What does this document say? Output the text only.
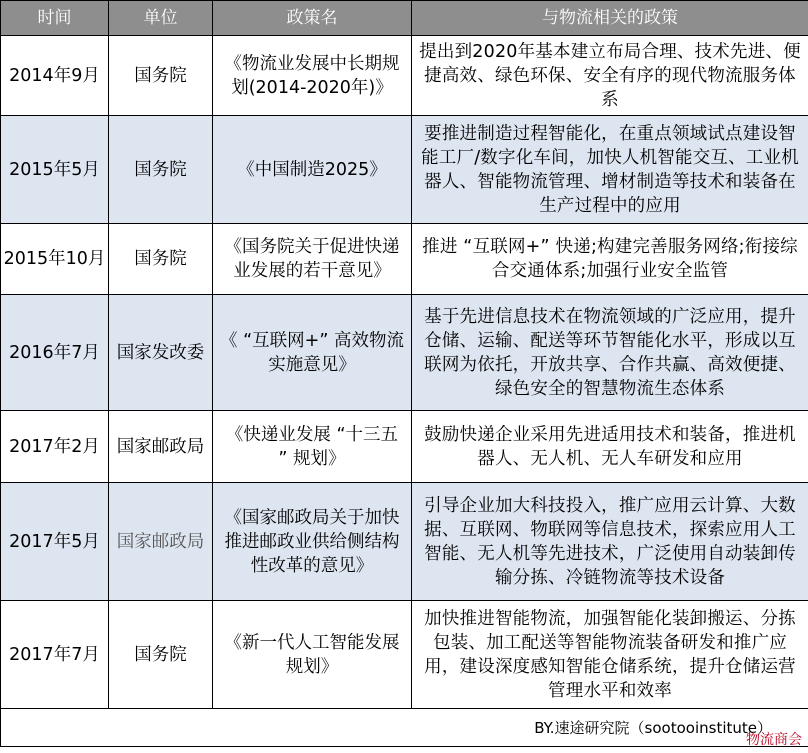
时间	单位	政策名	与物流相关的政策
2014年9月	国务院	《物流业发展中长期规划(2014-2020年)》	提出到2020年基本建立布局合理、技术先进、便捷高效、绿色环保、安全有序的现代物流服务体系
2015年5月	国务院	《中国制造2025》	要推进制造过程智能化，在重点领域试点建设智能工厂/数字化车间，加快人机智能交互、工业机器人、智能物流管理、增材制造等技术和装备在生产过程中的应用
2015年10月	国务院	《国务院关于促进快递业发展的若干意见》	推进 “互联网+” 快递;构建完善服务网络;衔接综合交通体系;加强行业安全监管
2016年7月	国家发改委	《 “互联网+” 高效物流实施意见》	基于先进信息技术在物流领域的广泛应用，提升仓储、运输、配送等环节智能化水平，形成以互联网为依托，开放共享、合作共赢、高效便捷、绿色安全的智慧物流生态体系
2017年2月	国家邮政局	《快递业发展 “十三五 ” 规划》	鼓励快递企业采用先进适用技术和装备，推进机器人、无人机、无人车研发和应用
2017年5月	国家邮政局	《国家邮政局关于加快推进邮政业供给侧结构性改革的意见》	引导企业加大科技投入，推广应用云计算、大数据、互联网、物联网等信息技术，探索应用人工智能、无人机等先进技术，广泛使用自动装卸传输分拣、冷链物流等技术设备
2017年7月	国务院	《新一代人工智能发展规划》	加快推进智能物流，加强智能化装卸搬运、分拣包装、加工配送等智能物流装备研发和推广应用，建设深度感知智能仓储系统，提升仓储运营管理水平和效率
BY.速途研究院（sootooinstitute）			
物流商会
